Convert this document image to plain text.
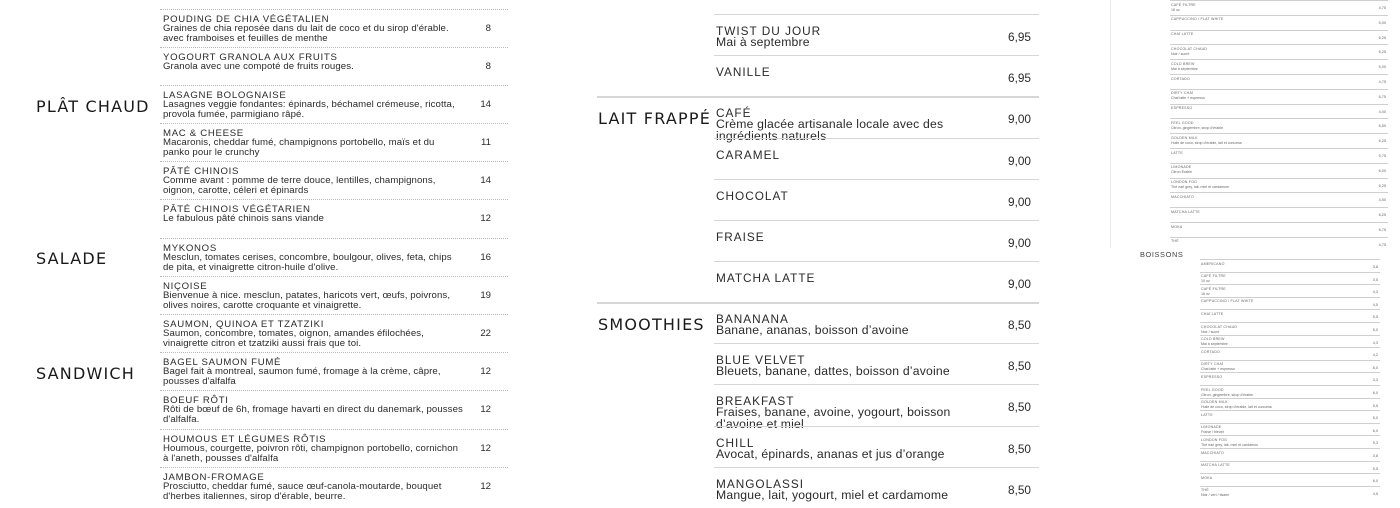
PLÂT CHAUD
SALADE
SANDWICH
POUDING DE CHIA VÉGÉTALIEN
Graines de chia reposée dans du lait de coco et du sirop d'érable. avec framboises et feuilles de menthe
8
YOGOURT GRANOLA AUX FRUITS
Granola avec une compoté de fruits rouges.	8
LASAGNE BOLOGNAISE
Lasagnes veggie fondantes: épinards, béchamel crémeuse, ricotta, provola fumée, parmigiano râpé.
14
MAC & CHEESE
Macaronis, cheddar fumé, champignons portobello, maïs et du panko pour le crunchy
11
PÂTÉ CHINOIS
Comme avant : pomme de terre douce, lentilles, champignons, oignon, carotte, céleri et épinards
14
PÂTÉ CHINOIS VÉGÉTARIEN
Le fabulous pâté chinois sans viande	12
MYKONOS
Mesclun, tomates cerises, concombre, boulgour, olives, feta, chips de pita, et vinaigrette citron-huile d'olive.
16
NIÇOISE
Bienvenue à nice. mesclun, patates, haricots vert, œufs, poivrons, olives noires, carotte croquante et vinaigrette.
19
SAUMON, QUINOA ET TZATZIKI
Saumon, concombre, tomates, oignon, amandes éfilochées, vinaigrette citron et tzatziki aussi frais que toi.
22
BAGEL SAUMON FUMÉ
Bagel fait à montreal, saumon fumé, fromage à la crème, câpre, pousses d'alfalfa
12
BOEUF RÔTI
Rôti de bœuf de 6h, fromage havarti en direct du danemark, pousses d'alfalfa.
12
HOUMOUS ET LÉGUMES RÔTIS
Houmous, courgette, poivron rôti, champignon portobello, cornichon à l'aneth, pousses d'alfalfa
12
JAMBON-FROMAGE
Prosciutto, cheddar fumé, sauce œuf-canola-moutarde, bouquet d'herbes italiennes, sirop d'érable, beurre.
12
LAIT FRAPPÉ
SMOOTHIES
TWIST DU JOUR
Mai à septembre	6,95
VANILLE	6,95
CAFÉ
Crème glacée artisanale locale avec des ingrédients naturels
9,00
CARAMEL	9,00
CHOCOLAT	9,00
FRAISE	9,00
MATCHA LATTE	9,00
BANANANA
Banane, ananas, boisson d’avoine	8,50
BLUE VELVET
Bleuets, banane, dattes, boisson d’avoine	8,50
BREAKFAST
Fraises, banane, avoine, yogourt, boisson d’avoine et miel
8,50
CHILL
Avocat, épinards, ananas et jus d’orange	8,50
MANGOLASSI
Mangue, lait, yogourt, miel et cardamome	8,50
CAFÉ FILTRE
16 oz	4,75
CAPPUCCINO / FLAT WHITE
5,00
CHAÏ LATTE
6,25
CHOCOLAT CHAUD
Noir / sucré	6,25
COLD BREW
Mai à septembre	5,00
CORTADO
4,75
DIRTY CHAÏ
Chai latte + espresso	6,75
ESPRESSO
4,00
FEEL GOOD
Citron, gingembre, sirop d'érable	6,50
GOLDEN MILK
Huile de coco, sirop d'érable, lait et curcuma	6,25
LATTE
5,75
LIMONADE
Citron Érable	6,00
LONDON FOG
Thé earl grey, lait, miel et cardamom	6,25
MACCHIATO
4,50
MATCHA LATTE
6,25
MOKA
6,75
THÉ
4,75
BOISSONS
AMERICANO
3,8
CAFÉ FILTRE
10 oz	3,5
CAFÉ FILTRE
16 oz	4,3
CAPPUCCINO / FLAT WHITE
4,5
CHAÏ LATTE
5,5
CHOCOLAT CHAUD
Noir / sucré	5,0
COLD BREW
Mai à septembre	4,3
CORTADO
4,2
DIRTY CHAÏ
Chai latte + espresso	6,0
ESPRESSO
3,3
FEEL GOOD
Citron, gingembre, sirop d'érable	6,0
GOLDEN MILK
Huile de coco, sirop d'érable, lait et curcuma	5,5
LATTE
5,0
LIMONADE
Fraise / bleuet	6,0
LONDON FOG
Thé earl grey, lait, miel et cardamon	5,3
MACCHIATO
3,8
MATCHA LATTE
5,5
MOKA
6,0
THÉ
Noir / vert / tisane	4,5
